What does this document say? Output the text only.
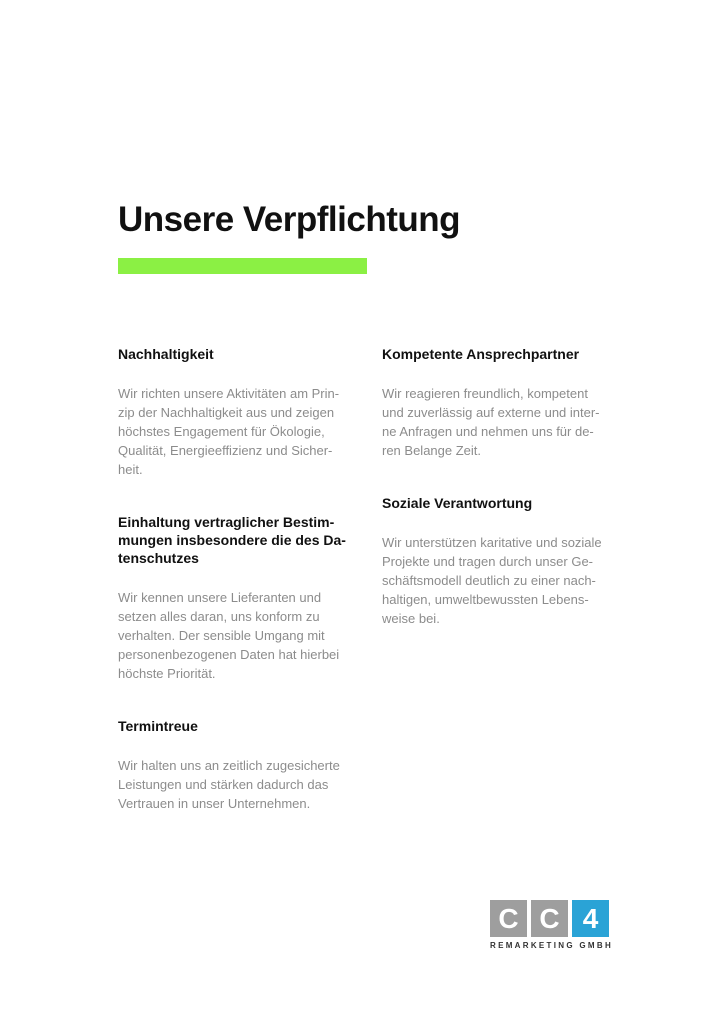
Unsere Verpflichtung
Nachhaltigkeit

Wir richten unsere Aktivitäten am Prin-
zip der Nachhaltigkeit aus und zeigen
höchstes Engagement für Ökologie,
Qualität, Energieeffizienz und Sicher-
heit.

Einhaltung vertraglicher Bestim-
mungen insbesondere die des Da-
tenschutzes

Wir kennen unsere Lieferanten und
setzen alles daran, uns konform zu
verhalten. Der sensible Umgang mit
personenbezogenen Daten hat hierbei
höchste Priorität.

Termintreue

Wir halten uns an zeitlich zugesicherte
Leistungen und stärken dadurch das
Vertrauen in unser Unternehmen.

Kompetente Ansprechpartner

Wir reagieren freundlich, kompetent
und zuverlässig auf externe und inter-
ne Anfragen und nehmen uns für de-
ren Belange Zeit.

Soziale Verantwortung

Wir unterstützen karitative und soziale
Projekte und tragen durch unser Ge-
schäftsmodell deutlich zu einer nach-
haltigen, umweltbewussten Lebens-
weise bei.

C C 4
REMARKETING GMBH
